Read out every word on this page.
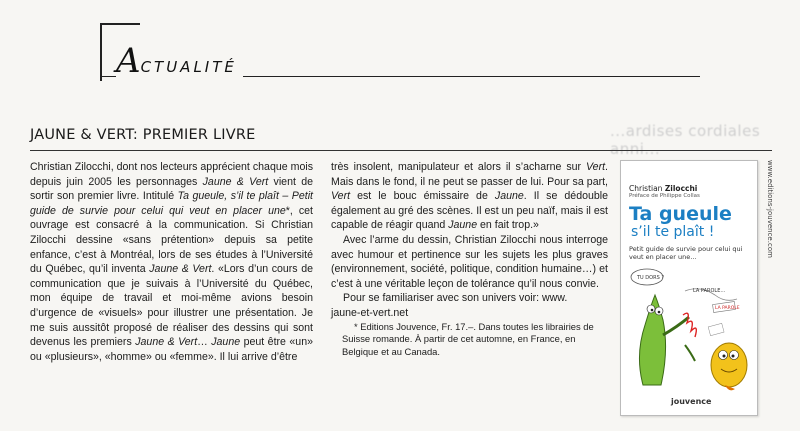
ACTUALITÉ
...ardises cordiales anni...
JAUNE & VERT: PREMIER LIVRE

Christian Zilocchi, dont nos lecteurs apprécient chaque mois depuis juin 2005 les personnages Jaune & Vert vient de sortir son premier livre. Intitulé Ta gueule, s’il te plaît – Petit guide de survie pour celui qui veut en placer une*, cet ouvrage est consacré à la communication. Si Christian Zilocchi dessine «sans prétention» depuis sa petite enfance, c’est à Montréal, lors de ses études à l’Université du Québec, qu’il inventa Jaune & Vert. «Lors d’un cours de communication que je suivais à l’Université du Québec, mon équipe de travail et moi-même avions besoin d’urgence de «visuels» pour illustrer une présentation. Je me suis aussitôt proposé de réaliser des dessins qui sont devenus les premiers Jaune & Vert… Jaune peut être «un» ou «plusieurs», «homme» ou «femme». Il lui arrive d’être

très insolent, manipulateur et alors il s’acharne sur Vert. Mais dans le fond, il ne peut se passer de lui. Pour sa part, Vert est le bouc émissaire de Jaune. Il se dédouble également au gré des scènes. Il est un peu naïf, mais il est capable de réagir quand Jaune en fait trop.»

Avec l’arme du dessin, Christian Zilocchi nous interroge avec humour et pertinence sur les sujets les plus graves (environnement, société, politique, condition humaine…) et c’est à une véritable leçon de tolérance qu’il nous convie.

Pour se familiariser avec son univers voir: www.

jaune-et-vert.net

* Editions Jouvence, Fr. 17.–. Dans toutes les librairies de Suisse romande. À partir de cet automne, en France, en Belgique et au Canada.

Christian Zilocchi
Préface de Philippe Collas
Ta gueule
s’il te plaît !
Petit guide de survie pour celui qui veut en placer une…
TU DORS ?
LA PAROLE…
LA PAROLE
jouvence
www.editions-jouvence.com
